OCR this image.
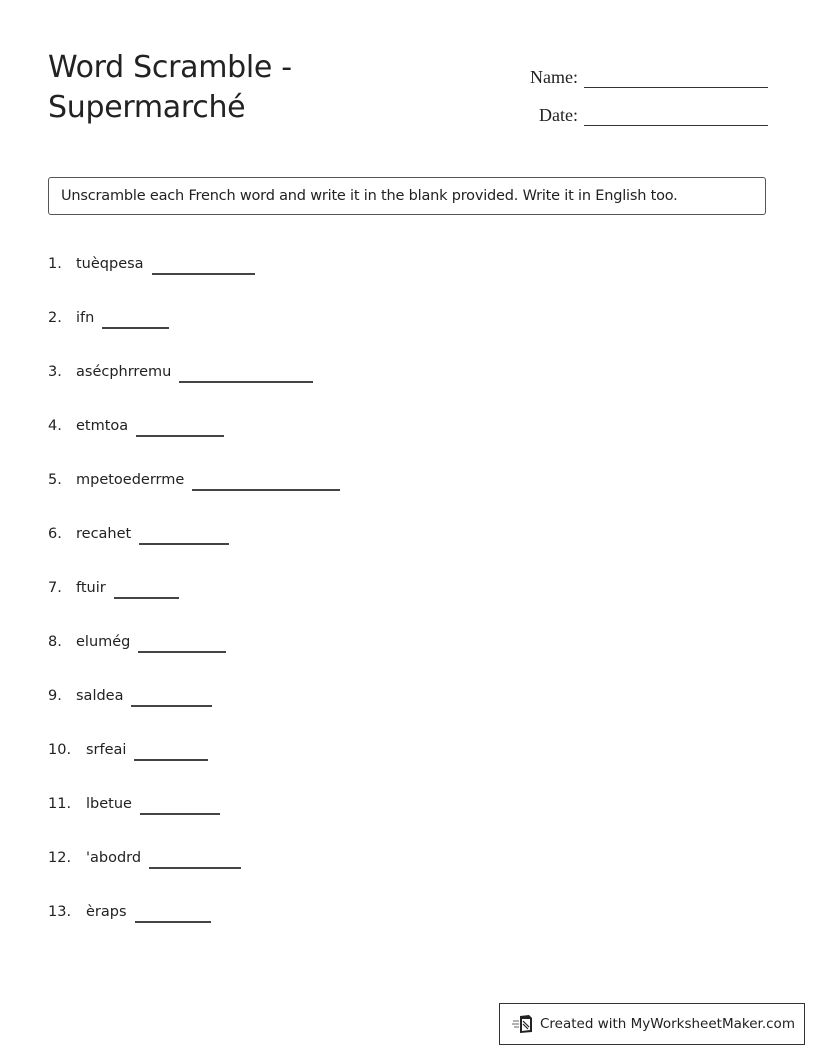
Word Scramble - Supermarché
Name:
Date:
Unscramble each French word and write it in the blank provided. Write it in English too.
1. tuèqpesa
2. ifn
3. asécphrremu
4. etmtoa
5. mpetoederrme
6. recahet
7. ftuir
8. elumég
9. saldea
10.	srfeai
11.	lbetue
12.	'abodrd
13.	èraps
Created with MyWorksheetMaker.com
